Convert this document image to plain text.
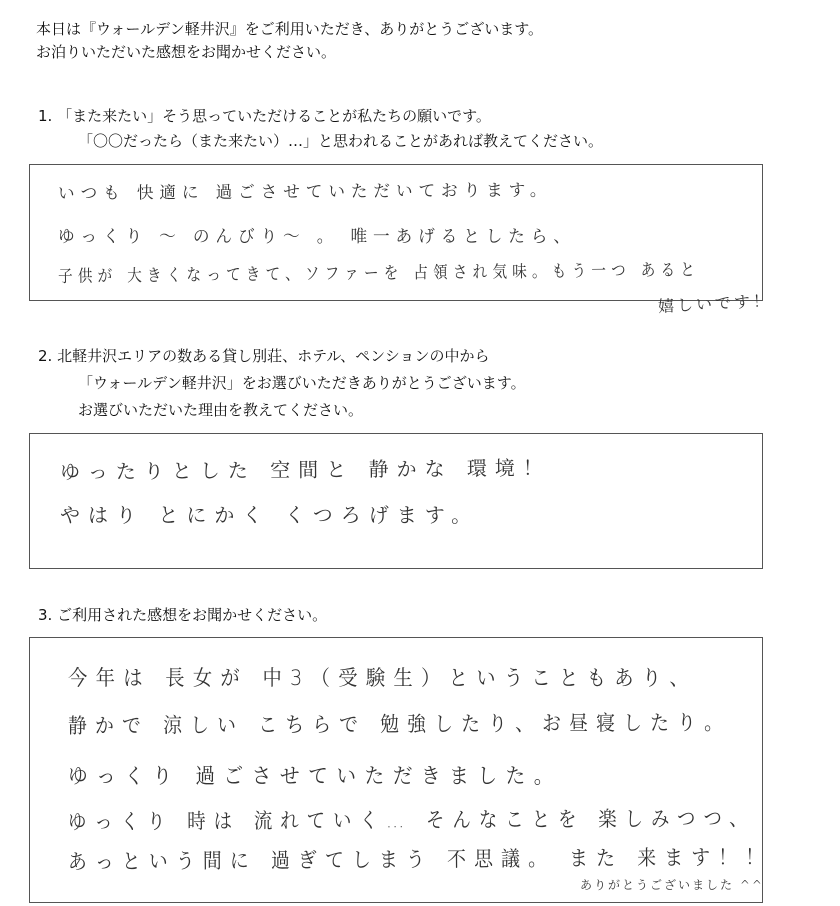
本日は『ウォールデン軽井沢』をご利用いただき、ありがとうございます。
お泊りいただいた感想をお聞かせください。
1. 「また来たい」そう思っていただけることが私たちの願いです。
「〇〇だったら（また来たい）…」と思われることがあれば教えてください。
いつも 快適に 過ごさせていただいております。
ゆっくり 〜 のんびり〜 。 唯一あげるとしたら、
子供が 大きくなってきて、ソファーを 占領され気味。もう一つ あると
嬉しいです！
2. 北軽井沢エリアの数ある貸し別荘、ホテル、ペンションの中から
「ウォールデン軽井沢」をお選びいただきありがとうございます。
お選びいただいた理由を教えてください。
ゆったりとした 空間と 静かな 環境！
やはり とにかく くつろげます。
3. ご利用された感想をお聞かせください。
今年は 長女が 中3（受験生）ということもあり、
静かで 涼しい こちらで 勉強したり、お昼寝したり。
ゆっくり 過ごさせていただきました。
ゆっくり 時は 流れていく… そんなことを 楽しみつつ、
あっという間に 過ぎてしまう 不思議。 また 来ます！！
ありがとうございました ^^
